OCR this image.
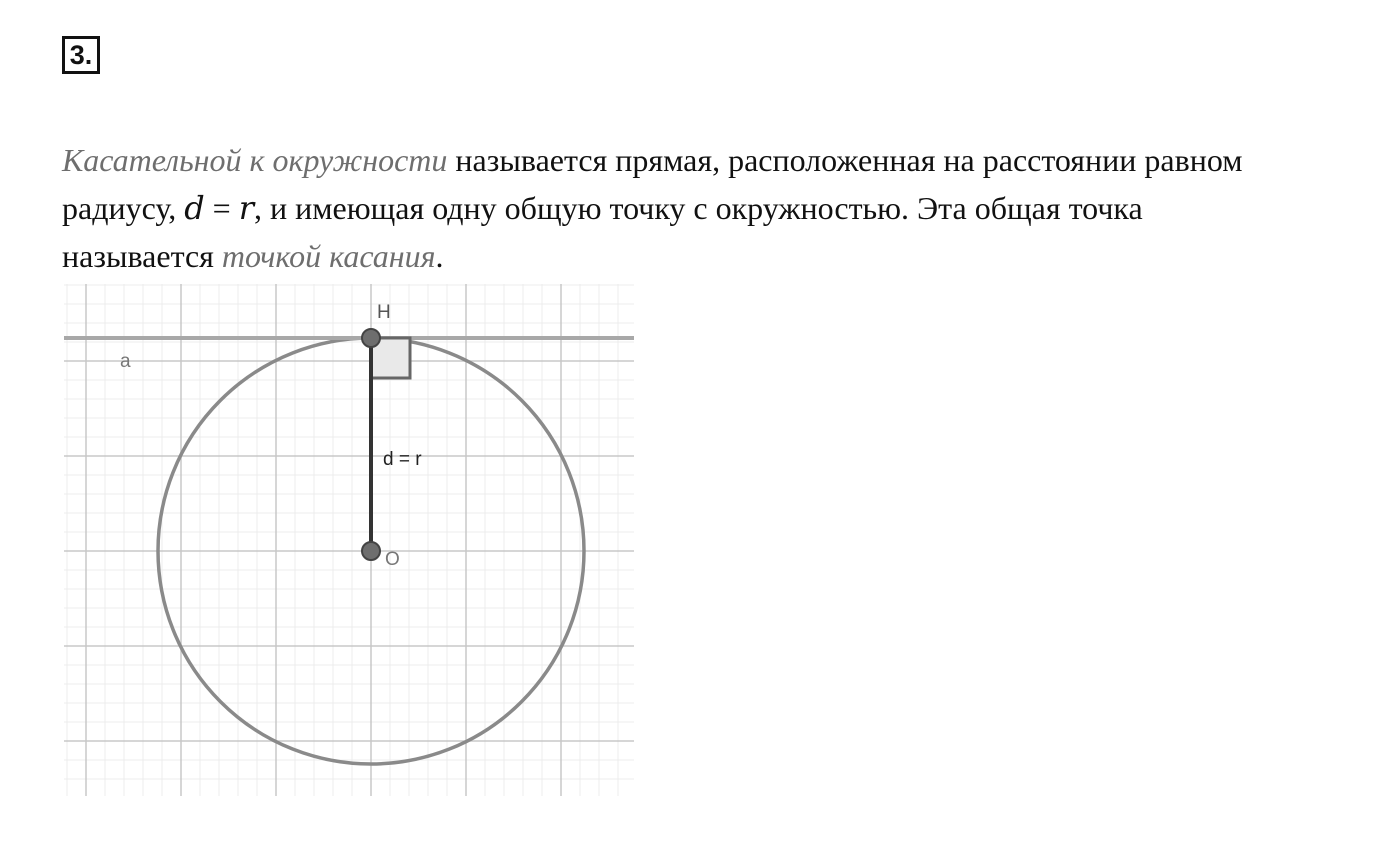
3.
Касательной к окружности называется прямая, расположенная на расстоянии равном
радиусу, d = r, и имеющая одну общую точку с окружностью. Эта общая точка
называется точкой касания.
a
H
O
d = r
